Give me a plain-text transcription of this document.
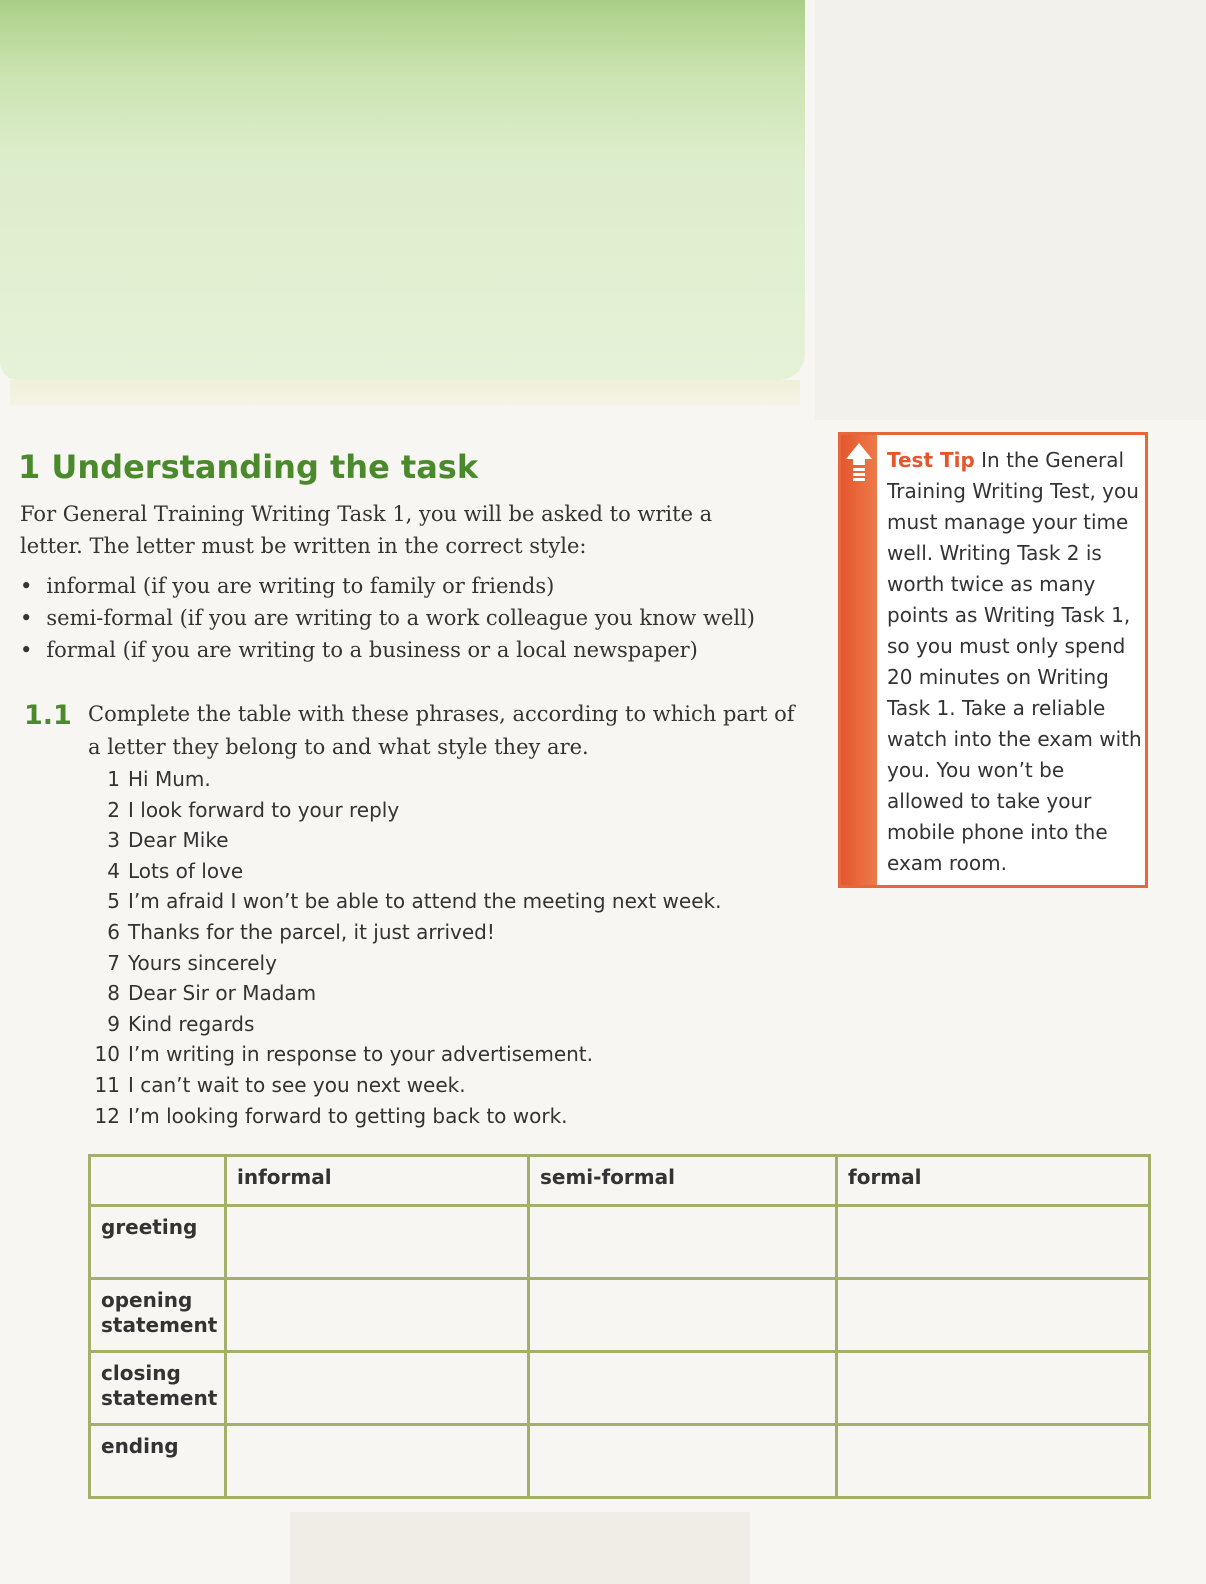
1 Understanding the task

For General Training Writing Task 1, you will be asked to write a letter. The letter must be written in the correct style:

• informal (if you are writing to family or friends)
• semi-formal (if you are writing to a work colleague you know well)
• formal (if you are writing to a business or a local newspaper)
1.1 Complete the table with these phrases, according to which part of a letter they belong to and what style they are.

1 Hi Mum.
2 I look forward to your reply
3 Dear Mike
4 Lots of love
5 I’m afraid I won’t be able to attend the meeting next week.
6 Thanks for the parcel, it just arrived!
7 Yours sincerely
8 Dear Sir or Madam
9 Kind regards
10 I’m writing in response to your advertisement.
11 I can’t wait to see you next week.
12 I’m looking forward to getting back to work.

Test Tip In the General Training Writing Test, you must manage your time well. Writing Task 2 is worth twice as many points as Writing Task 1, so you must only spend 20 minutes on Writing Task 1. Take a reliable watch into the exam with you. You won’t be allowed to take your mobile phone into the exam room.

	informal	semi-formal	formal
greeting			
opening statement			
closing statement			
ending			
